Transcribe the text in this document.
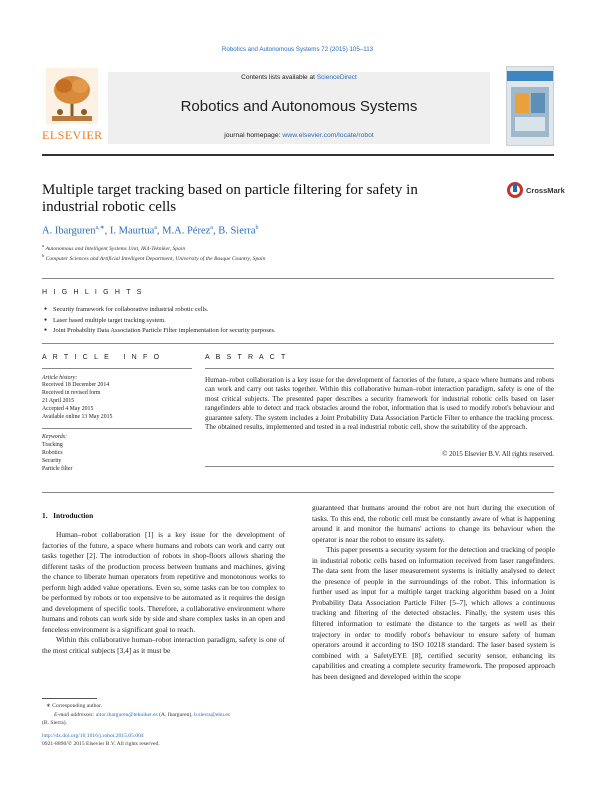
Robotics and Autonomous Systems 72 (2015) 105–113
ELSEVIER
Contents lists available at ScienceDirect
Robotics and Autonomous Systems
journal homepage: www.elsevier.com/locate/robot
Multiple target tracking based on particle filtering for safety in industrial robotic cells
CrossMark
A. Ibarguren$^{a,∗}$, I. Maurtua$^a$, M.A. Pérez$^a$, B. Sierra$^b$
$^a$ Autonomous and Intelligent Systems Unit, IK4-Tekniker, Spain
$^b$ Computer Sciences and Artificial Intelligent Department, University of the Basque Country, Spain
H I G H L I G H T S
● Security framework for collaborative industrial robotic cells.
● Laser based multiple target tracking system.
● Joint Probability Data Association Particle Filter implementation for security purposes.
A R T I C L E   I N F O
Article history:
Received 18 December 2014
Received in revised form
21 April 2015
Accepted 4 May 2015
Available online 13 May 2015
Keywords:
Tracking
Robotics
Security
Particle filter
A B S T R A C T
Human–robot collaboration is a key issue for the development of factories of the future, a space where humans and robots can work and carry out tasks together. Within this collaborative human–robot interaction paradigm, safety is one of the most critical subjects. The presented paper describes a security framework for industrial robotic cells based on laser rangefinders able to detect and track obstacles around the robot, information that is used to modify robot's behaviour and guarantee safety. The system includes a Joint Probability Data Association Particle Filter to enhance the tracking process. The obtained results, implemented and tested in a real industrial robotic cell, show the suitability of the approach.
© 2015 Elsevier B.V. All rights reserved.
1.   Introduction

Human–robot collaboration [1] is a key issue for the development of factories of the future, a space where humans and robots can work and carry out tasks together [2]. The introduction of robots in shop-floors allows sharing the different tasks of the production process between humans and machines, giving the chance to liberate human operators from repetitive and monotonous works to perform high added value operations. Even so, some tasks can be too complex to be performed by robots or too expensive to be automated as it requires the design and development of specific tools. Therefore, a collaborative environment where humans and robots can work side by side and share complex tasks in an open and fenceless environment is a significant goal to reach.

Within this collaborative human–robot interaction paradigm, safety is one of the most critical subjects [3,4] as it must be

guaranteed that humans around the robot are not hurt during the execution of tasks. To this end, the robotic cell must be constantly aware of what is happening around it and monitor the humans' actions to change its behaviour when the operator is near the robot to ensure its safety.

This paper presents a security system for the detection and tracking of people in industrial robotic cells based on information received from laser rangefinders. The data sent from the laser measurement systems is initially analysed to detect the presence of people in the surroundings of the robot. This information is further used as input for a multiple target tracking algorithm based on a Joint Probability Data Association Particle Filter [5–7], which allows a continuous tracking and filtering of the detected obstacles. Finally, the system uses this filtered information to estimate the distance to the targets as well as their trajectory in order to modify robot's behaviour to ensure safety of human operators around it according to ISO 10218 standard. The laser based system is combined with a SafetyEYE [8], certified security sensor, enhancing its capabilities and creating a complete security framework. The proposed approach has been designed and developed within the scope

∗ Corresponding author.
E-mail addresses: aitor.ibarguren@tekniker.es (A. Ibarguren), b.sierra@ehu.es
(B. Sierra).
http://dx.doi.org/10.1016/j.robot.2015.05.004
0921-8890/© 2015 Elsevier B.V. All rights reserved.
